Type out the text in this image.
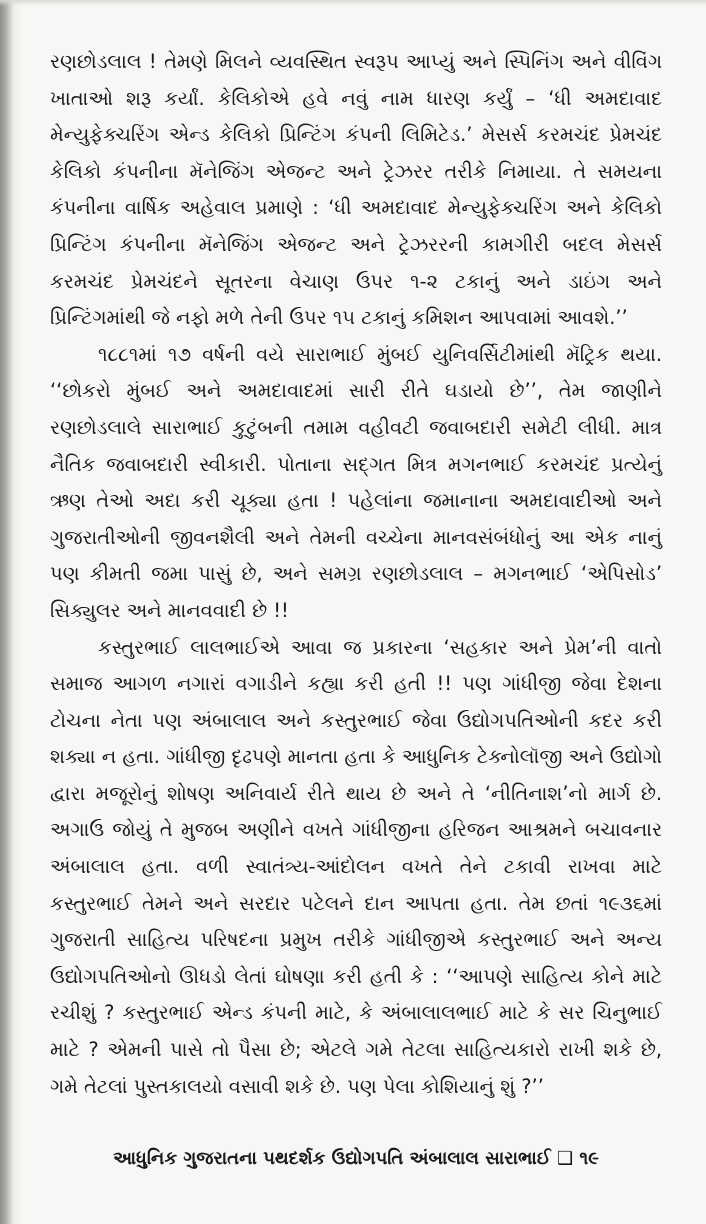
રણછોડલાલ ! તેમણે મિલને વ્યવસ્થિત સ્વરૂપ આપ્યું અને સ્પિનિંગ અને વીવિંગ ખાતાઓ શરૂ કર્યાં. કેલિકોએ હવે નવું નામ ધારણ કર્યું – ‘ધી અમદાવાદ મેન્યુફેક્ચરિંગ એન્ડ કેલિકો પ્રિન્ટિંગ કંપની લિમિટેડ.’ મેસર્સ કરમચંદ પ્રેમચંદ કેલિકો કંપનીના મૅનેજિંગ એજન્ટ અને ટ્રેઝરર તરીકે નિમાયા. તે સમયના કંપનીના વાર્ષિક અહેવાલ પ્રમાણે : ‘ધી અમદાવાદ મેન્યુફેક્ચરિંગ અને કેલિકો પ્રિન્ટિંગ કંપનીના મૅનેજિંગ એજન્ટ અને ટ્રેઝરરની કામગીરી બદલ મેસર્સ કરમચંદ પ્રેમચંદને સૂતરના વેચાણ ઉપર ૧-૨ ટકાનું અને ડાઇંગ અને પ્રિન્ટિંગમાંથી જે નફો મળે તેની ઉપર ૧૫ ટકાનું કમિશન આપવામાં આવશે.’’

૧૮૮૧માં ૧૭ વર્ષની વયે સારાભાઈ મુંબઈ યુનિવર્સિટીમાંથી મૅટ્રિક થયા. ‘‘છોકરો મુંબઈ અને અમદાવાદમાં સારી રીતે ઘડાયો છે’’, તેમ જાણીને રણછોડલાલે સારાભાઈ કુટુંબની તમામ વહીવટી જવાબદારી સમેટી લીધી. માત્ર નૈતિક જવાબદારી સ્વીકારી. પોતાના સદ્ગત મિત્ર મગનભાઈ કરમચંદ પ્રત્યેનું ઋણ તેઓ અદા કરી ચૂક્યા હતા ! પહેલાંના જમાનાના અમદાવાદીઓ અને ગુજરાતીઓની જીવનશૈલી અને તેમની વચ્ચેના માનવસંબંધોનું આ એક નાનું પણ કીમતી જમા પાસું છે, અને સમગ્ર રણછોડલાલ – મગનભાઈ ‘એપિસોડ’ સિક્યુલર અને માનવવાદી છે !!

કસ્તુરભાઈ લાલભાઈએ આવા જ પ્રકારના ‘સહકાર અને પ્રેમ’ની વાતો સમાજ આગળ નગારાં વગાડીને કહ્યા કરી હતી !! પણ ગાંધીજી જેવા દેશના ટોચના નેતા પણ અંબાલાલ અને કસ્તુરભાઈ જેવા ઉદ્યોગપતિઓની કદર કરી શક્યા ન હતા. ગાંધીજી દૃઢપણે માનતા હતા કે આધુનિક ટેક્નોલૉજી અને ઉદ્યોગો દ્વારા મજૂરોનું શોષણ અનિવાર્ય રીતે થાય છે અને તે ‘નીતિનાશ’નો માર્ગ છે. અગાઉ જોયું તે મુજબ અણીને વખતે ગાંધીજીના હરિજન આશ્રમને બચાવનાર અંબાલાલ હતા. વળી સ્વાતંત્ર્ય-આંદોલન વખતે તેને ટકાવી રાખવા માટે કસ્તુરભાઈ તેમને અને સરદાર પટેલને દાન આપતા હતા. તેમ છતાં ૧૯૩૬માં ગુજરાતી સાહિત્ય પરિષદના પ્રમુખ તરીકે ગાંધીજીએ કસ્તુરભાઈ અને અન્ય ઉદ્યોગપતિઓનો ઊધડો લેતાં ઘોષણા કરી હતી કે : ‘‘આપણે સાહિત્ય કોને માટે રચીશું ? કસ્તુરભાઈ એન્ડ કંપની માટે, કે અંબાલાલભાઈ માટે કે સર ચિનુભાઈ માટે ? એમની પાસે તો પૈસા છે; એટલે ગમે તેટલા સાહિત્યકારો રાખી શકે છે, ગમે તેટલાં પુસ્તકાલયો વસાવી શકે છે. પણ પેલા કોશિયાનું શું ?’’

આધુનિક ગુજરાતના પથદર્શક ઉદ્યોગપતિ અંબાલાલ સારાભાઈ ❑ ૧૯
